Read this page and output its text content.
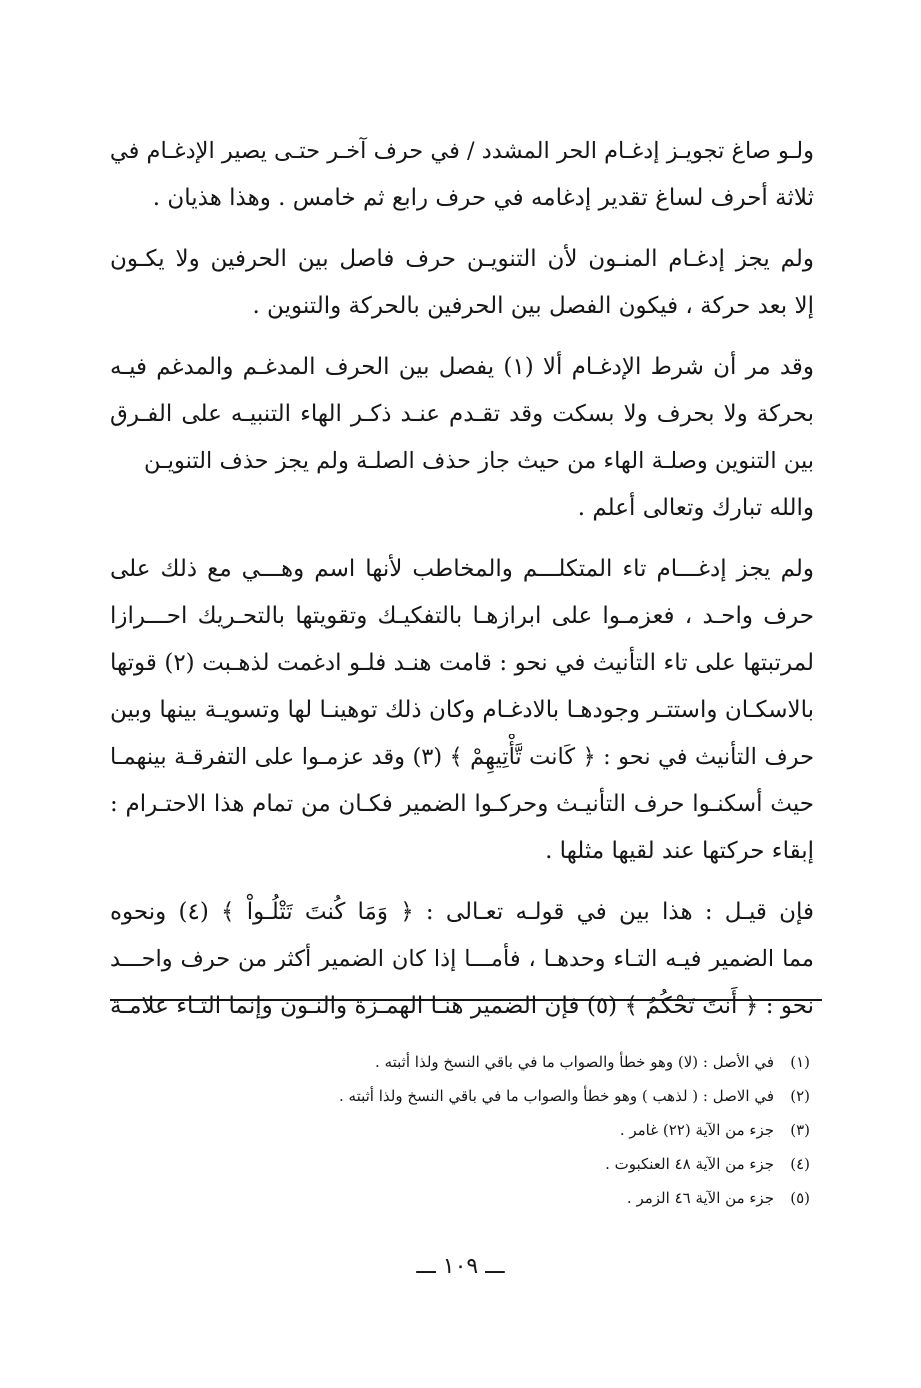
ولـو صاغ تجويـز إدغـام الحر المشدد / في حرف آخـر حتـى يصير الإدغـام في
ثلاثة أحرف لساغ تقدير إدغامه في حرف رابع ثم خامس . وهذا هذيان .
ولم يجز إدغـام المنـون لأن التنويـن حرف فاصل بين الحرفين ولا يكـون
إلا بعد حركة ، فيكون الفصل بين الحرفين بالحركة والتنوين .
وقد مر أن شرط الإدغـام ألا (١) يفصل بين الحرف المدغـم والمدغم فيـه
بحركة ولا بحرف ولا بسكت وقد تقـدم عنـد ذكـر الهاء التنبيـه على الفـرق
بين التنوين وصلـة الهاء من حيث جاز حذف الصلـة ولم يجز حذف التنويـن
والله تبارك وتعالى أعلم .
ولم يجز إدغـــام تاء المتكلـــم والمخاطب لأنها اسم وهـــي مع ذلك على
حرف واحـد ، فعزمـوا على ابرازهـا بالتفكيـك وتقويتها بالتحـريك احـــرازا
لمرتبتها على تاء التأنيث في نحو : قامت هنـد فلـو ادغمت لذهـبت (٢) قوتها
بالاسكـان واستتـر وجودهـا بالادغـام وكان ذلك توهينـا لها وتسويـة بينها وبين
حرف التأنيث في نحو : ﴿ كَانت تَّأْتِيهِمْ ﴾ (٣) وقد عزمـوا على التفرقـة بينهمـا
حيث أسكنـوا حرف التأنيـث وحركـوا الضمير فكـان من تمام هذا الاحتـرام :
إبقاء حركتها عند لقيها مثلها .
فإن قيـل : هذا بين في قولـه تعـالى : ﴿ وَمَا كُنتَ تَتْلُـواْ ﴾ (٤) ونحوه
مما الضمير فيـه التـاء وحدهـا ، فأمـــا إذا كان الضمير أكثر من حرف واحـــد
نحو : ﴿ أَنتَ تَحْكُمُ ﴾ (٥) فإن الضمير هنـا الهمـزة والنـون وإنما التـاء علامـة
(١)
في الأصل : (لا) وهو خطأ والصواب ما في باقي النسخ ولذا أثبته .
(٢)
في الاصل : ( لذهب ) وهو خطأ والصواب ما في باقي النسخ ولذا أثبته .
(٣)
جزء من الآية (٢٢) غامر .
(٤)
جزء من الآية ٤٨ العنكبوت .
(٥)
جزء من الآية ٤٦ الزمر .
ـــ ١٠٩ ـــ
